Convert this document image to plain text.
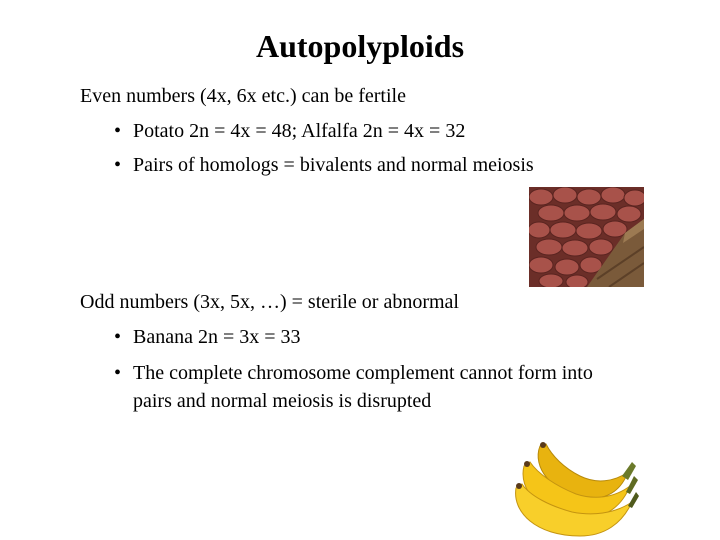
Autopolyploids
Even numbers (4x, 6x etc.) can be fertile
• Potato 2n = 4x = 48; Alfalfa 2n = 4x = 32
• Pairs of homologs = bivalents and normal meiosis
Odd numbers (3x, 5x, …) = sterile or abnormal
• Banana 2n = 3x = 33
• The complete chromosome complement cannot form into
pairs and normal meiosis is disrupted
